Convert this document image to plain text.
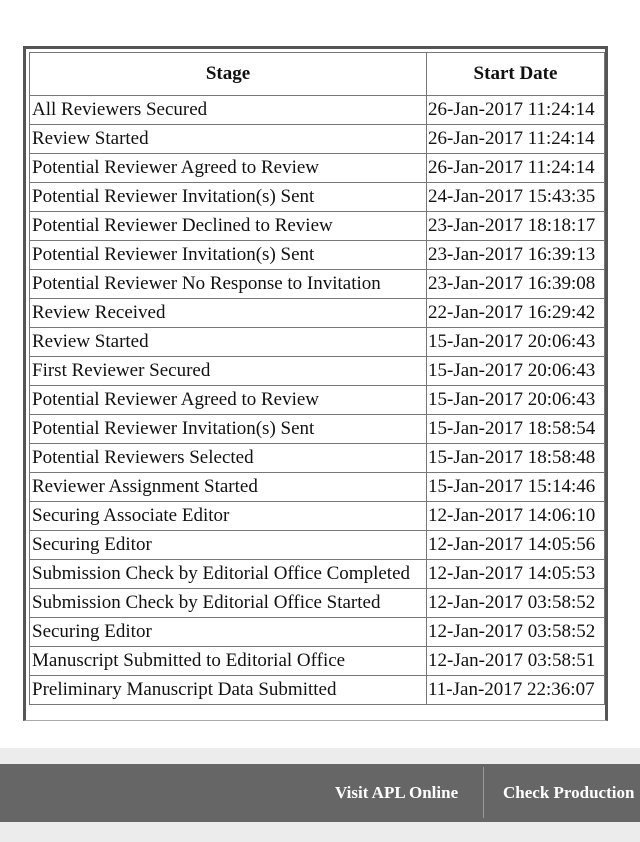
Stage	Start Date
All Reviewers Secured	26-Jan-2017 11:24:14
Review Started	26-Jan-2017 11:24:14
Potential Reviewer Agreed to Review	26-Jan-2017 11:24:14
Potential Reviewer Invitation(s) Sent	24-Jan-2017 15:43:35
Potential Reviewer Declined to Review	23-Jan-2017 18:18:17
Potential Reviewer Invitation(s) Sent	23-Jan-2017 16:39:13
Potential Reviewer No Response to Invitation	23-Jan-2017 16:39:08
Review Received	22-Jan-2017 16:29:42
Review Started	15-Jan-2017 20:06:43
First Reviewer Secured	15-Jan-2017 20:06:43
Potential Reviewer Agreed to Review	15-Jan-2017 20:06:43
Potential Reviewer Invitation(s) Sent	15-Jan-2017 18:58:54
Potential Reviewers Selected	15-Jan-2017 18:58:48
Reviewer Assignment Started	15-Jan-2017 15:14:46
Securing Associate Editor	12-Jan-2017 14:06:10
Securing Editor	12-Jan-2017 14:05:56
Submission Check by Editorial Office Completed	12-Jan-2017 14:05:53
Submission Check by Editorial Office Started	12-Jan-2017 03:58:52
Securing Editor	12-Jan-2017 03:58:52
Manuscript Submitted to Editorial Office	12-Jan-2017 03:58:51
Preliminary Manuscript Data Submitted	11-Jan-2017 22:36:07
Visit APL Online	Check Production
